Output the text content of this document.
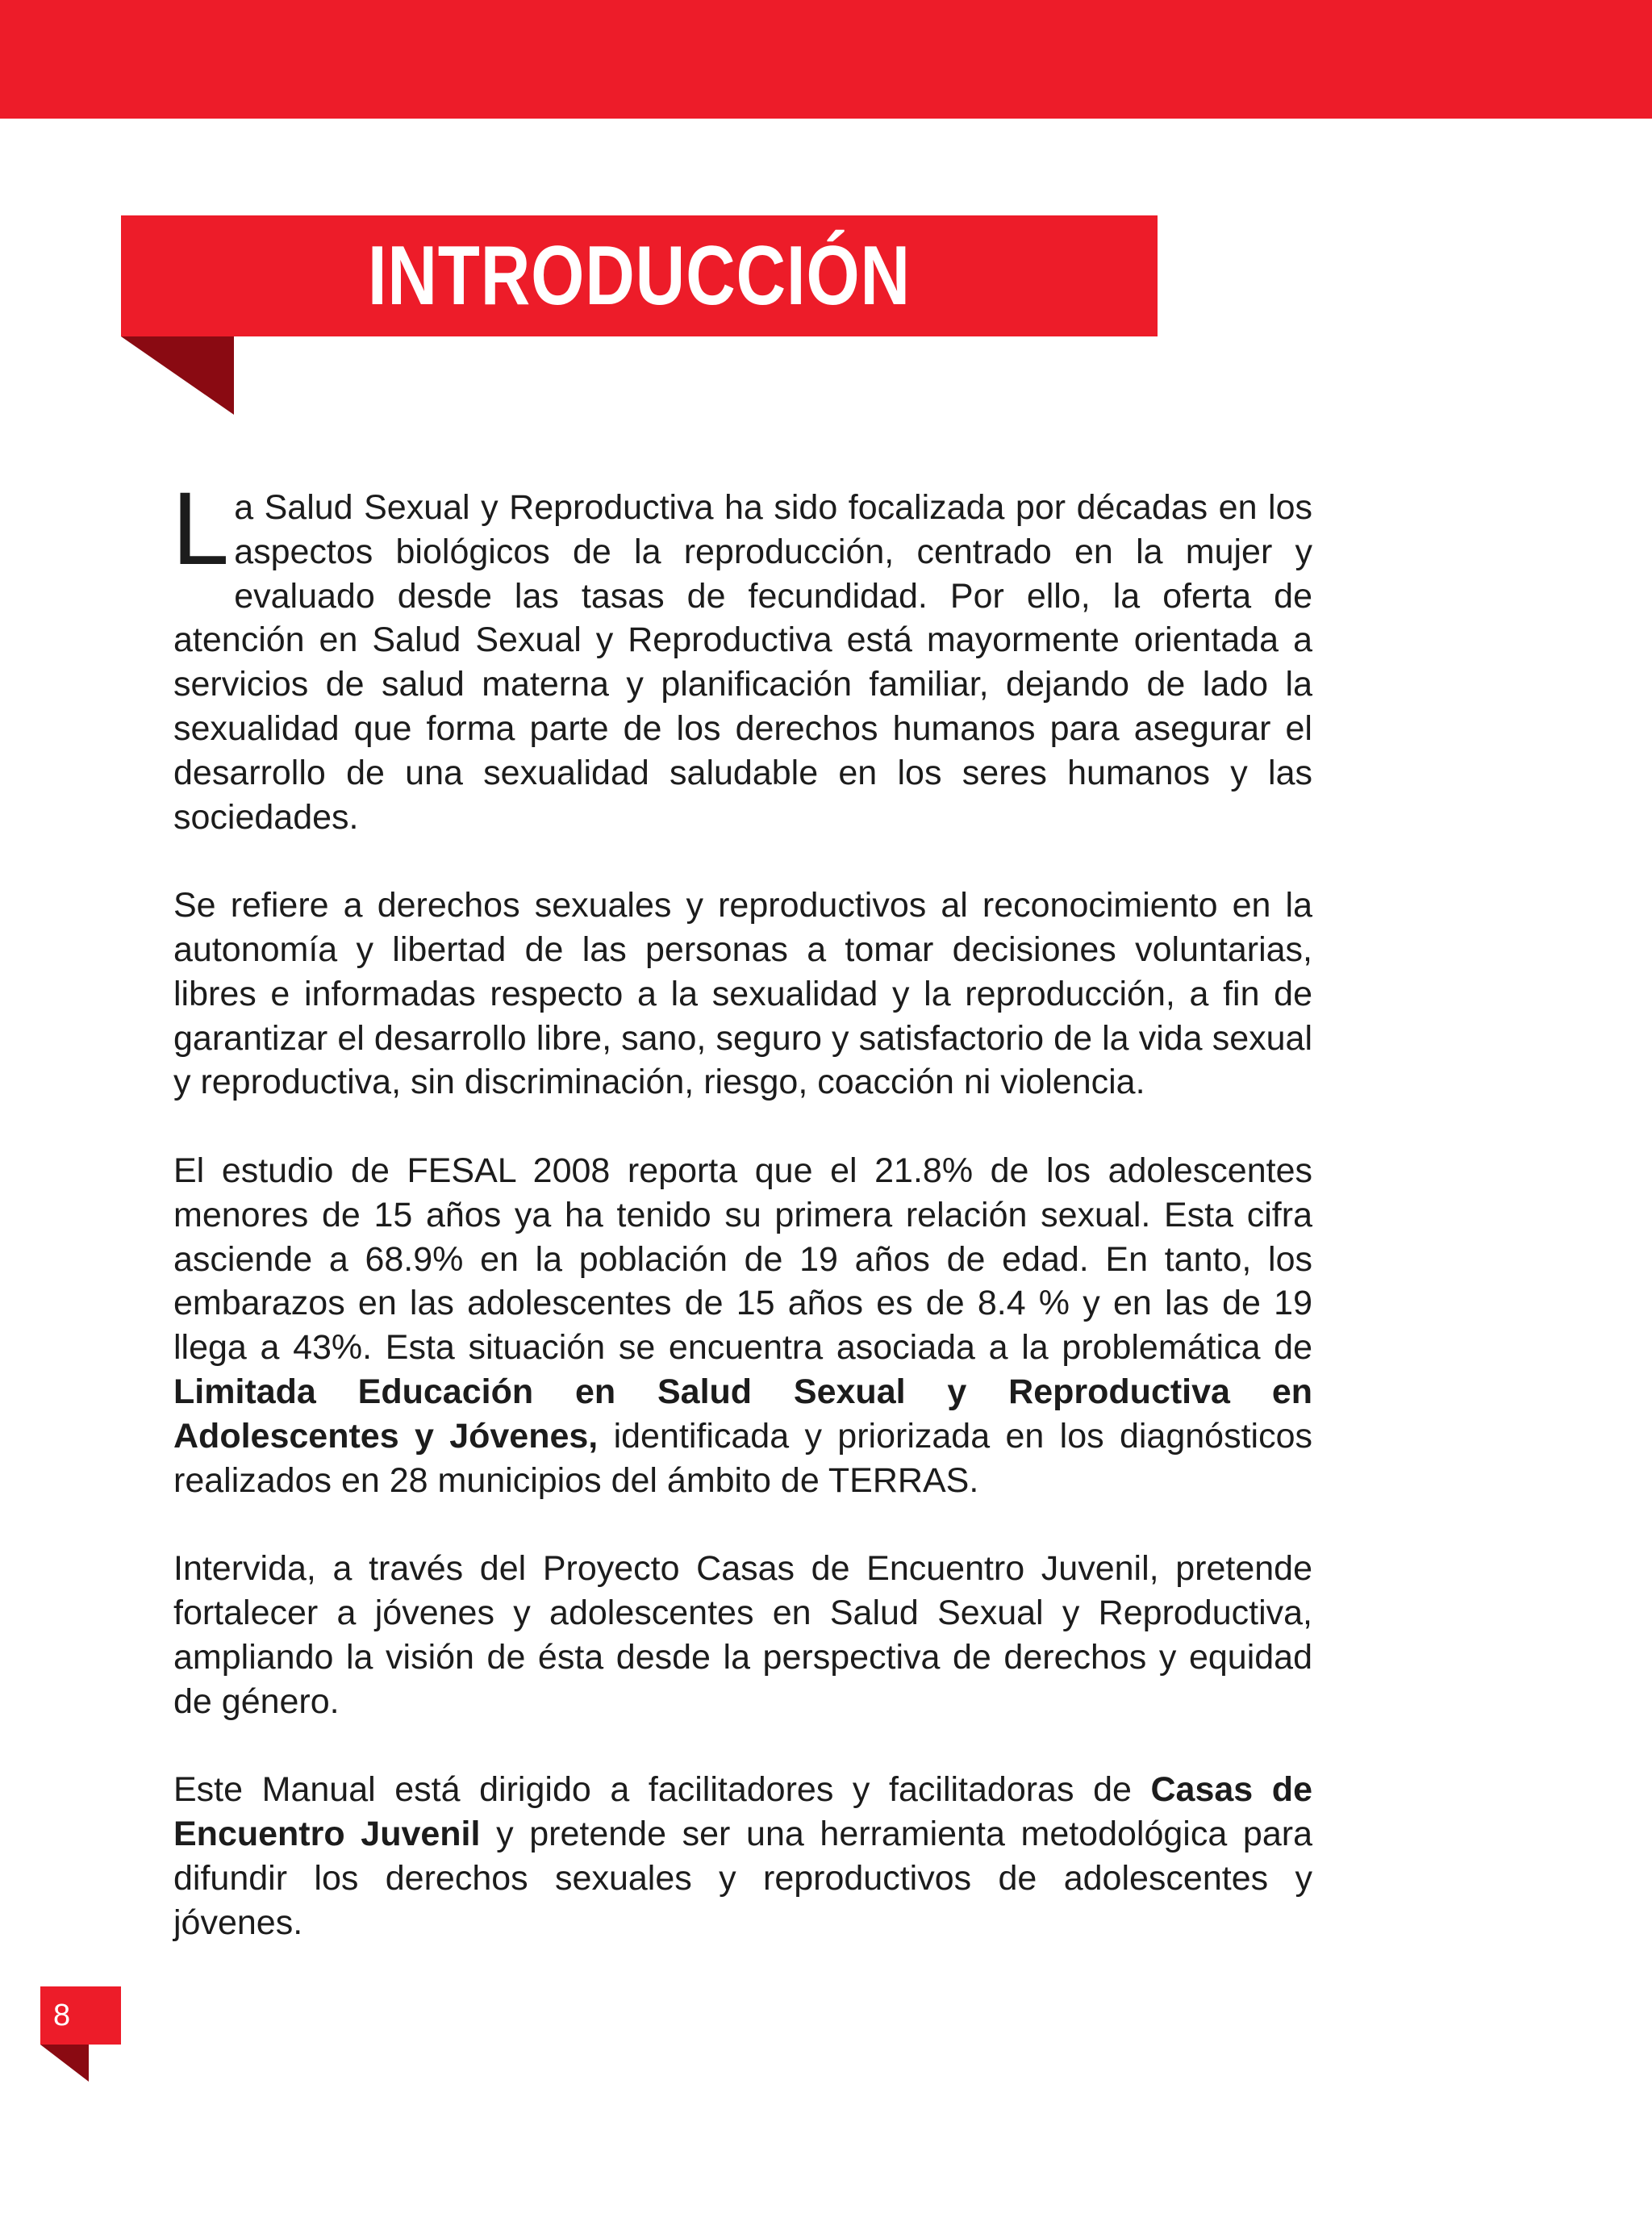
INTRODUCCIÓN

La Salud Sexual y Reproductiva ha sido focalizada por décadas en los aspectos biológicos de la reproducción, centrado en la mujer y evaluado desde las tasas de fecundidad. Por ello, la oferta de atención en Salud Sexual y Reproductiva está mayormente orientada a servicios de salud materna y planificación familiar, dejando de lado la sexualidad que forma parte de los derechos humanos para asegurar el desarrollo de una sexualidad saludable en los seres humanos y las sociedades.

Se refiere a derechos sexuales y reproductivos al reconocimiento en la autonomía y libertad de las personas a tomar decisiones voluntarias, libres e informadas respecto a la sexualidad y la reproducción, a fin de garantizar el desarrollo libre, sano, seguro y satisfactorio de la vida sexual y reproductiva, sin discriminación, riesgo, coacción ni violencia.

El estudio de FESAL 2008 reporta que el 21.8% de los adolescentes menores de 15 años ya ha tenido su primera relación sexual. Esta cifra asciende a 68.9% en la población de 19 años de edad. En tanto, los embarazos en las adolescentes de 15 años es de 8.4 % y en las de 19 llega a 43%. Esta situación se encuentra asociada a la problemática de Limitada Educación en Salud Sexual y Reproductiva en Adolescentes y Jóvenes, identificada y priorizada en los diagnósticos realizados en 28 municipios del ámbito de TERRAS.

Intervida, a través del Proyecto Casas de Encuentro Juvenil, pretende fortalecer a jóvenes y adolescentes en Salud Sexual y Reproductiva, ampliando la visión de ésta desde la perspectiva de derechos y equidad de género.

Este Manual está dirigido a facilitadores y facilitadoras de Casas de Encuentro Juvenil y pretende ser una herramienta metodológica para difundir los derechos sexuales y reproductivos de adolescentes y jóvenes.

8
